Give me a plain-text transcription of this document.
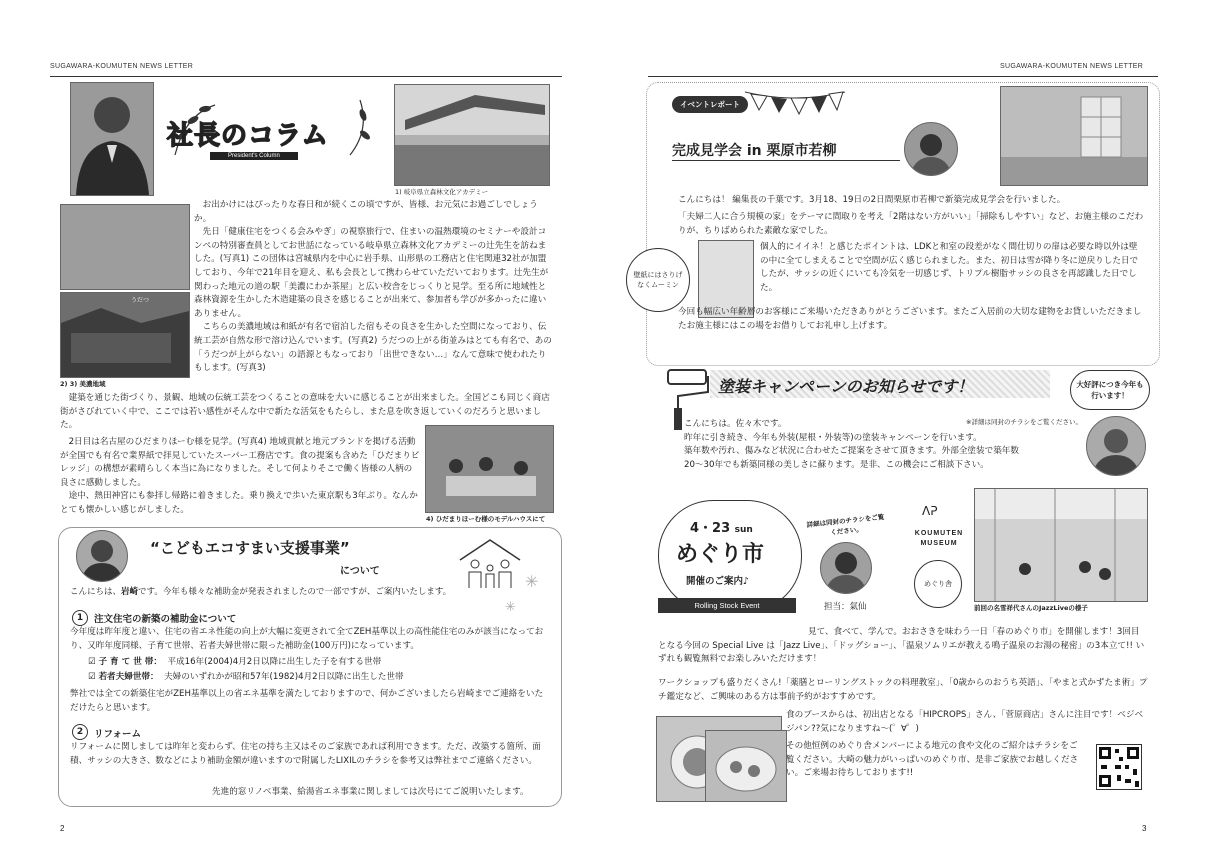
SUGAWARA-KOUMUTEN NEWS LETTER	SUGAWARA-KOUMUTEN NEWS LETTER
社長のコラム
President's Column
1) 岐阜県立森林文化アカデミー
うだつ
2) 3) 美濃地域

お出かけにはぴったりな春日和が続くこの頃ですが、皆様、お元気にお過ごしでしょうか。

先日「健康住宅をつくる会みやぎ」の視察旅行で、住まいの温熱環境のセミナーや設計コンペの特別審査員としてお世話になっている岐阜県立森林文化アカデミーの辻先生を訪ねました。(写真1) この団体は宮城県内を中心に岩手県、山形県の工務店と住宅関連32社が加盟しており、今年で21年目を迎え、私も会長として携わらせていただいております。辻先生が関わった地元の道の駅「美濃にわか茶屋」と広い校舎をじっくりと見学。至る所に地域性と森林資源を生かした木造建築の良さを感じることが出来て、参加者も学びが多かったに違いありません。

こちらの美濃地域は和紙が有名で宿泊した宿もその良さを生かした空間になっており、伝統工芸が自然な形で溶け込んでいます。(写真2) うだつの上がる街並みはとても有名で、あの「うだつが上がらない」の語源ともなっており「出世できない…」なんて意味で使われたりもします。(写真3)

建築を通じた街づくり、景観、地域の伝統工芸をつくることの意味を大いに感じることが出来ました。全国どこも同じく商店街がさびれていく中で、ここでは若い感性がそんな中で新たな活気をもたらし、また息を吹き返していくのだろうと思いました。

2日目は名古屋のひだまりほーむ様を見学。(写真4) 地域貢献と地元ブランドを掲げる活動が全国でも有名で業界紙で拝見していたスーパー工務店です。食の提案も含めた「ひだまりビレッジ」の構想が素晴らしく本当に為になりました。そして何よりそこで働く皆様の人柄の良さに感動しました。

途中、熱田神宮にも参拝し帰路に着きました。乗り換えで歩いた東京駅も3年ぶり。なんかとても懐かしい感じがしました。

4) ひだまりほーむ様のモデルハウスにて
“こどもエコすまい支援事業”
について
✳
✳
こんにちは、岩崎です。今年も様々な補助金が発表されましたので一部ですが、ご案内いたします。
1	注文住宅の新築の補助金について
今年度は昨年度と違い、住宅の省エネ性能の向上が大幅に変更されて全てZEH基準以上の高性能住宅のみが該当になっており、又昨年度同様、子育て世帯、若者夫婦世帯に限った補助金(100万円)になっています。
☑ 子 育 て 世 帯： 平成16年(2004)4月2日以降に出生した子を有する世帯
☑ 若者夫婦世帯： 夫婦のいずれかが昭和57年(1982)4月2日以降に出生した世帯
弊社では全ての新築住宅がZEH基準以上の省エネ基準を満たしておりますので、何かございましたら岩崎までご連絡をいただけたらと思います。
2	リフォーム
リフォームに関しましては昨年と変わらず、住宅の持ち主又はそのご家族であれば利用できます。ただ、改築する箇所、面積、サッシの大きさ、数などにより補助金額が違いますので附属したLIXILのチラシを参考又は弊社までご連絡ください。
先進的窓リノベ事業、給湯省エネ事業に関しましては次号にてご説明いたします。
2
イベントレポート
完成見学会 in 栗原市若柳
こんにちは！ 編集長の千葉です。3月18、19日の2日間栗原市若柳で新築完成見学会を行いました。
「夫婦二人に合う規模の家」をテーマに間取りを考え「2階はない方がいい」「掃除もしやすい」など、お施主様のこだわりが、ちりばめられた素敵な家でした。
壁紙にはさりげなくムーミン
個人的にイイネ！と感じたポイントは、LDKと和室の段差がなく間仕切りの扉は必要な時以外は壁の中に全てしまえることで空間が広く感じられました。また、初日は雪が降り冬に逆戻りした日でしたが、サッシの近くにいても冷気を一切感じず、トリプル樹脂サッシの良さを再認識した日でした。
今回も幅広い年齢層のお客様にご来場いただきありがとうございます。またご入居前の大切な建物をお貸しいただきましたお施主様にはこの場をお借りしてお礼申し上げます。
塗装キャンペーンのお知らせです！	大好評につき今年も行います！
※詳細は同封のチラシをご覧ください。
こんにちは。佐々木です。
昨年に引き続き、今年も外装(屋根・外装等)の塗装キャンペーンを行います。
築年数や汚れ、傷みなど状況に合わせたご提案をさせて頂きます。外部全塗装で築年数
20〜30年でも新築同様の美しさに蘇ります。是非、この機会にご相談下さい。
4・23 sun
めぐり市
開催のご案内♪
Rolling Stock Event
詳細は同封のチラシをご覧ください。
担当：氣仙
ᐱᕈ
KOUMUTEN MUSEUM
めぐり舎
前回の名雪祥代さんのJazzLiveの様子
見て、食べて、学んで。おおさきを味わう一日「春のめぐり市」を開催します！3回目となる今回の Special Live は「Jazz Live」、「ドッグショー」、「温泉ソムリエが教える鳴子温泉のお湯の秘密」の3本立て!! いずれも観覧無料でお楽しみいただけます！
ワークショップも盛りだくさん!「薬膳とローリングストックの料理教室」、「0歳からのおうち英語」、「やまと式かずたま術」プチ鑑定など、ご興味のある方は事前予約がおすすめです。
食のブースからは、初出店となる「HIPCROPS」さん、「菅原商店」さんに注目です！ベジベジパン??気になりますね～(゜∀゜)
その他恒例のめぐり舎メンバーによる地元の食や文化のご紹介はチラシをご覧ください。大崎の魅力がいっぱいのめぐり市、是非ご家族でお越しください。ご来場お待ちしております!!
3
